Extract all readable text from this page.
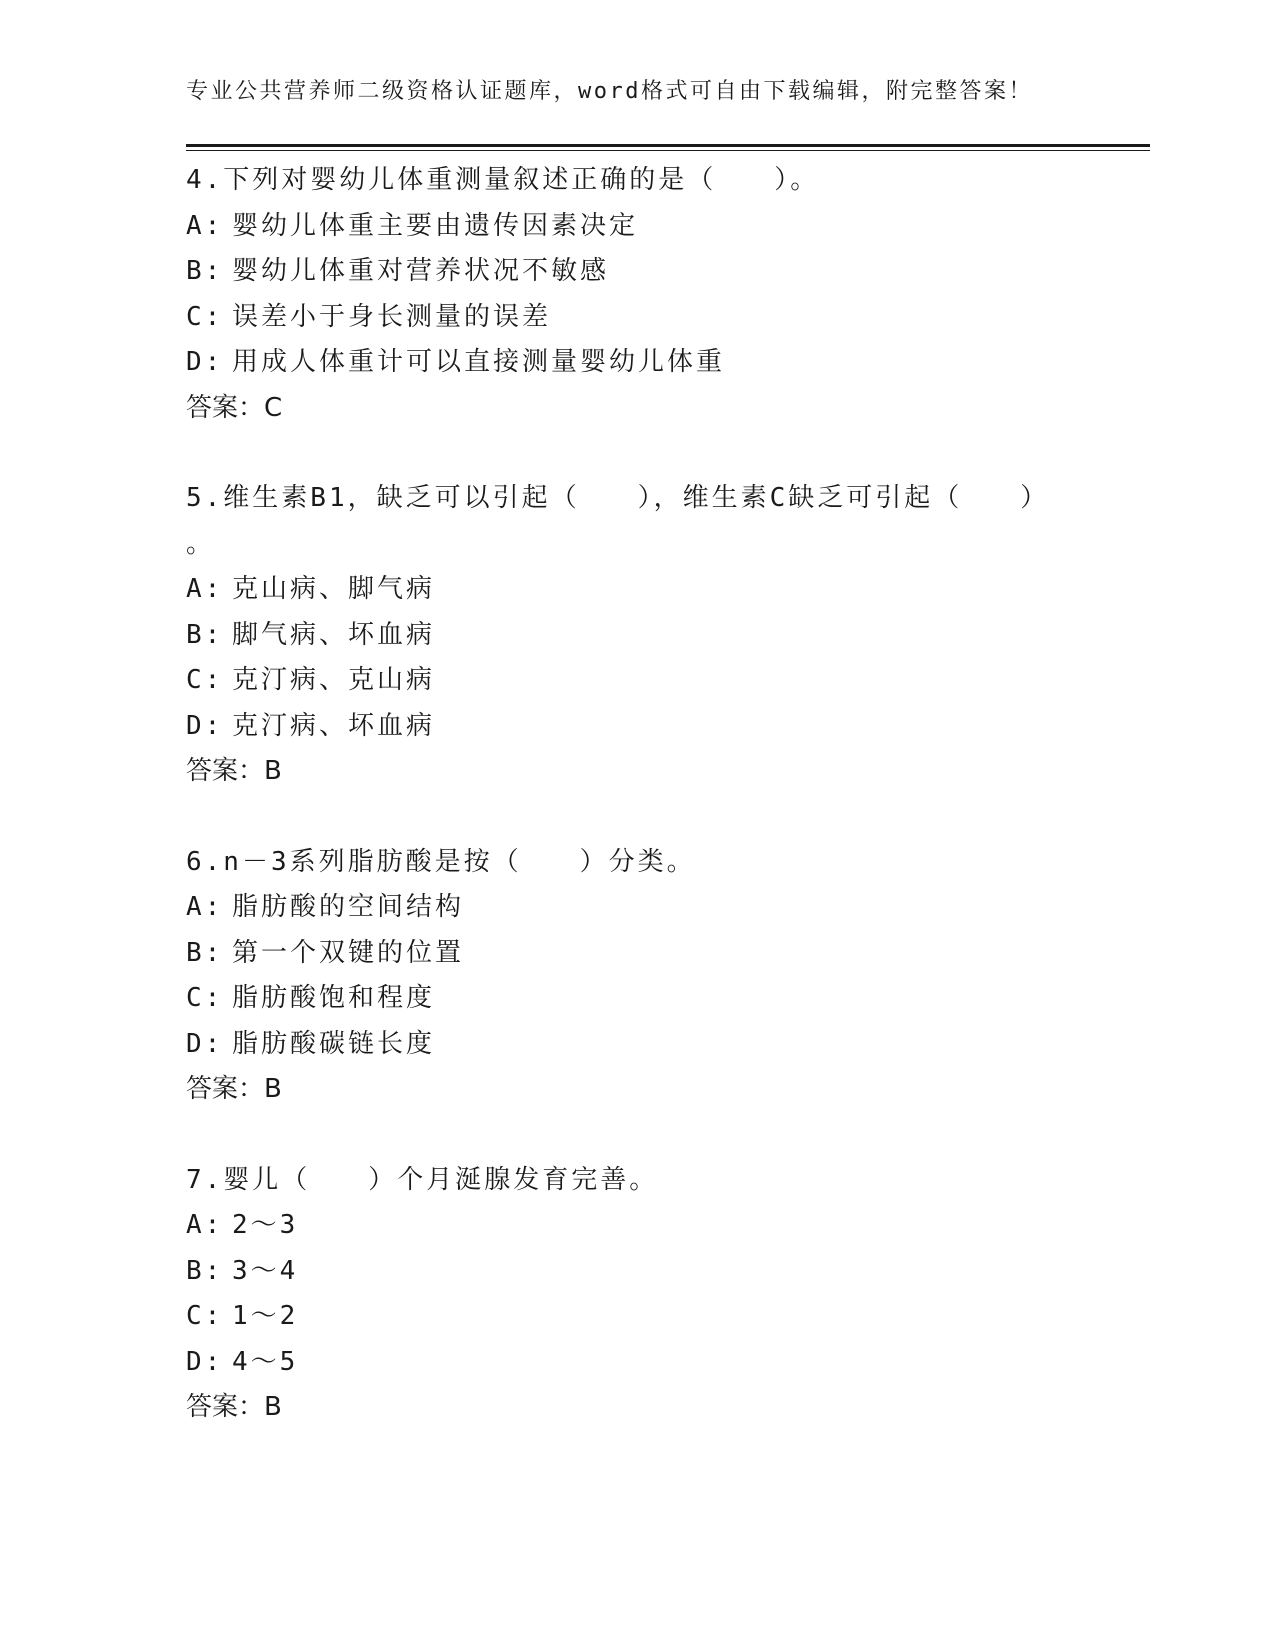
专业公共营养师二级资格认证题库，word格式可自由下载编辑，附完整答案！
4.下列对婴幼儿体重测量叙述正确的是（　　）。
A: 婴幼儿体重主要由遗传因素决定
B: 婴幼儿体重对营养状况不敏感
C: 误差小于身长测量的误差
D: 用成人体重计可以直接测量婴幼儿体重
答案：C
5.维生素B1，缺乏可以引起（　　），维生素C缺乏可引起（　　）
。
A: 克山病、脚气病
B: 脚气病、坏血病
C: 克汀病、克山病
D: 克汀病、坏血病
答案：B
6.n－3系列脂肪酸是按（　　）分类。
A: 脂肪酸的空间结构
B: 第一个双键的位置
C: 脂肪酸饱和程度
D: 脂肪酸碳链长度
答案：B
7.婴儿（　　）个月涎腺发育完善。
A: 2～3
B: 3～4
C: 1～2
D: 4～5
答案：B
